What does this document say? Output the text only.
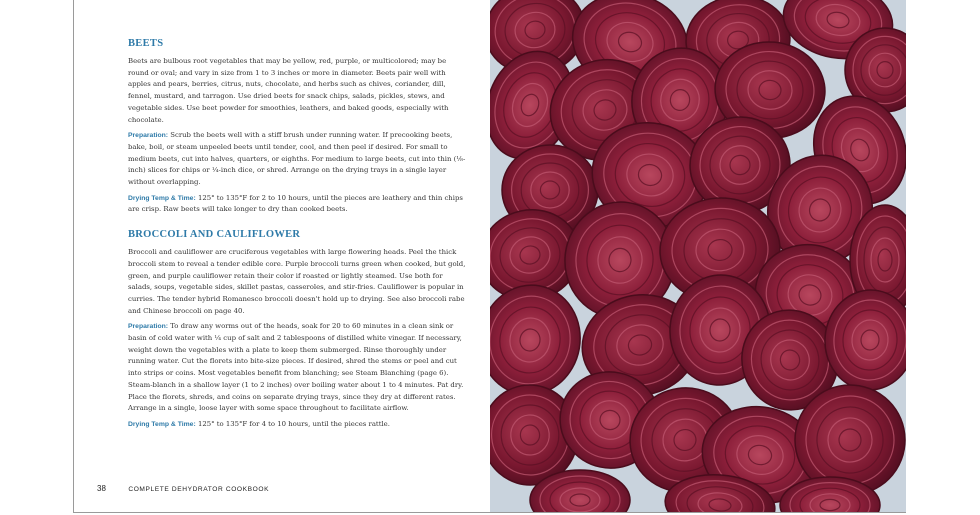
BEETS

Beets are bulbous root vegetables that may be yellow, red, purple, or multicolored; may be round or oval; and vary in size from 1 to 3 inches or more in diameter. Beets pair well with apples and pears, berries, citrus, nuts, chocolate, and herbs such as chives, coriander, dill, fennel, mustard, and tarragon. Use dried beets for snack chips, salads, pickles, stews, and vegetable sides. Use beet powder for smoothies, leathers, and baked goods, especially with chocolate.

Preparation: Scrub the beets well with a stiff brush under running water. If precooking beets, bake, boil, or steam unpeeled beets until tender, cool, and then peel if desired. For small to medium beets, cut into halves, quarters, or eighths. For medium to large beets, cut into thin (⅛-inch) slices for chips or ¼-inch dice, or shred. Arrange on the drying trays in a single layer without overlapping.

Drying Temp & Time: 125° to 135°F for 2 to 10 hours, until the pieces are leathery and thin chips are crisp. Raw beets will take longer to dry than cooked beets.

BROCCOLI AND CAULIFLOWER

Broccoli and cauliflower are cruciferous vegetables with large flowering heads. Peel the thick broccoli stem to reveal a tender edible core. Purple broccoli turns green when cooked, but gold, green, and purple cauliflower retain their color if roasted or lightly steamed. Use both for salads, soups, vegetable sides, skillet pastas, casseroles, and stir-fries. Cauliflower is popular in curries. The tender hybrid Romanesco broccoli doesn't hold up to drying. See also broccoli rabe and Chinese broccoli on page 40.

Preparation: To draw any worms out of the heads, soak for 20 to 60 minutes in a clean sink or basin of cold water with ¼ cup of salt and 2 tablespoons of distilled white vinegar. If necessary, weight down the vegetables with a plate to keep them submerged. Rinse thoroughly under running water. Cut the florets into bite-size pieces. If desired, shred the stems or peel and cut into strips or coins. Most vegetables benefit from blanching; see Steam Blanching (page 6). Steam-blanch in a shallow layer (1 to 2 inches) over boiling water about 1 to 4 minutes. Pat dry. Place the florets, shreds, and coins on separate drying trays, since they dry at different rates. Arrange in a single, loose layer with some space throughout to facilitate airflow.

Drying Temp & Time: 125° to 135°F for 4 to 10 hours, until the pieces rattle.

38	COMPLETE DEHYDRATOR COOKBOOK
